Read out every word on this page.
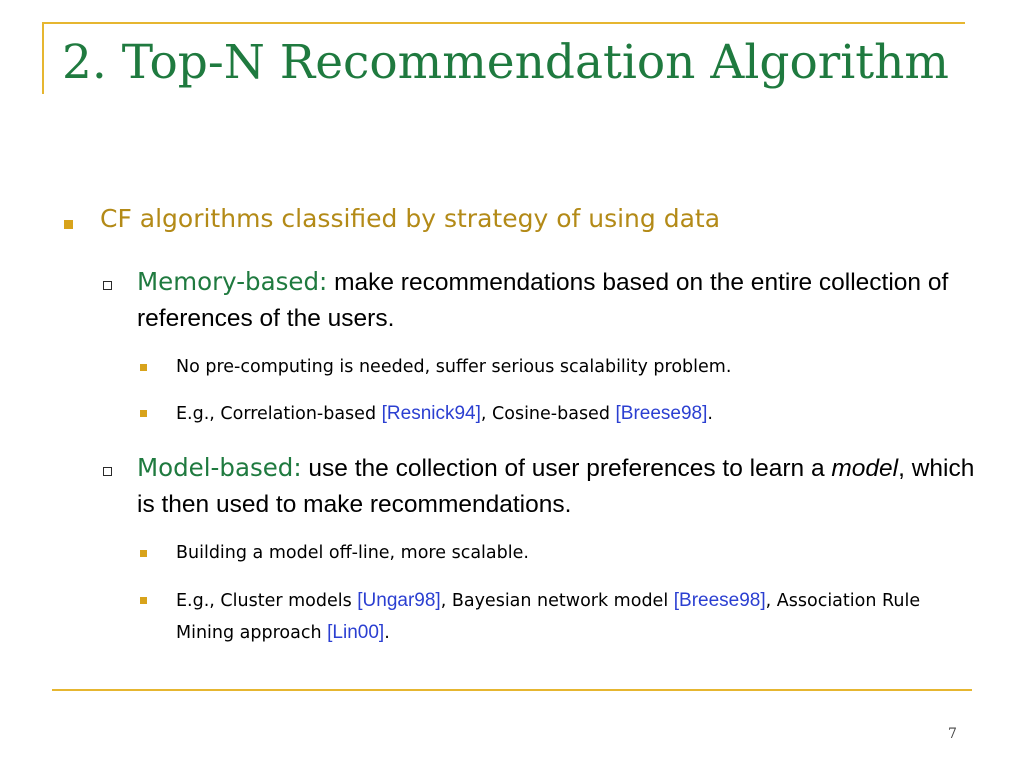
2. Top-N Recommendation Algorithm

CF algorithms classified by strategy of using data

Memory-based: make recommendations based on the entire collection of references of the users.

No pre-computing is needed, suffer serious scalability problem.

E.g., Correlation-based [Resnick94], Cosine-based [Breese98].

Model-based: use the collection of user preferences to learn a model, which is then used to make recommendations.

Building a model off-line, more scalable.

E.g., Cluster models [Ungar98], Bayesian network model [Breese98], Association Rule Mining approach [Lin00].

7
